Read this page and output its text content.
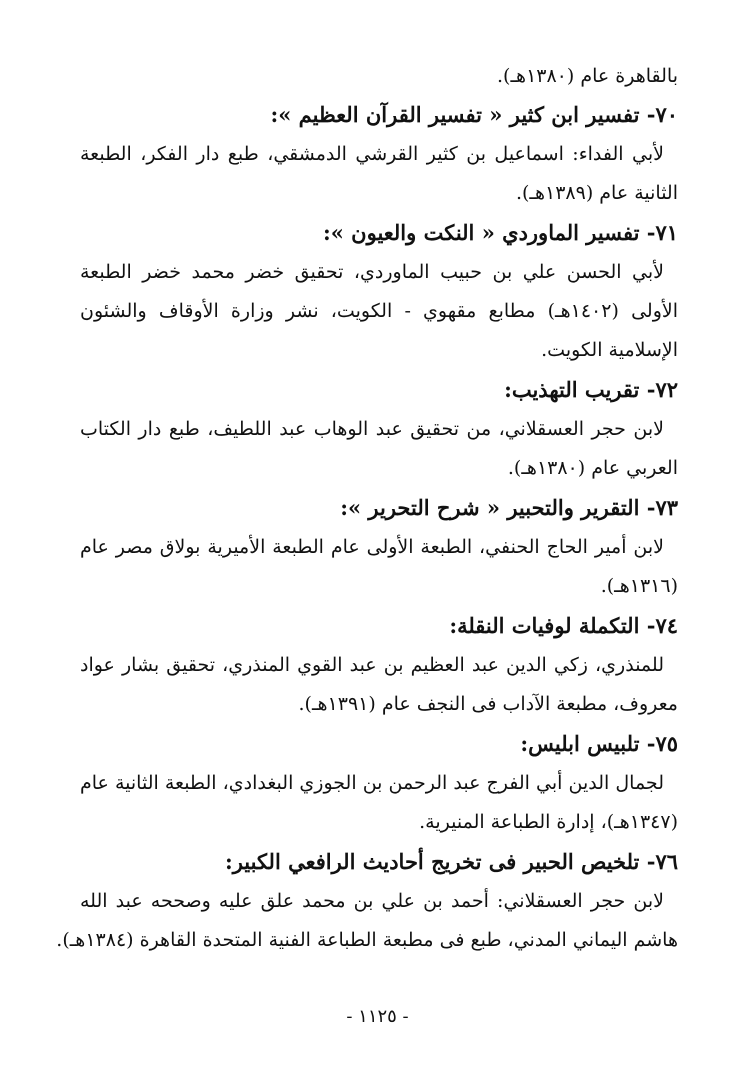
بالقاهرة عام (١٣٨٠هـ).
٧٠- تفسير ابن كثير « تفسير القرآن العظيم »:
لأبي الفداء: اسماعيل بن كثير القرشي الدمشقي، طبع دار الفكر، الطبعة
الثانية عام (١٣٨٩هـ).
٧١- تفسير الماوردي « النكت والعيون »:
لأبي الحسن علي بن حبيب الماوردي، تحقيق خضر محمد خضر الطبعة
الأولى (١٤٠٢هـ) مطابع مقهوي - الكويت، نشر وزارة الأوقاف والشئون
الإسلامية الكويت.
٧٢- تقريب التهذيب:
لابن حجر العسقلاني، من تحقيق عبد الوهاب عبد اللطيف، طبع دار الكتاب
العربي عام (١٣٨٠هـ).
٧٣- التقرير والتحبير « شرح التحرير »:
لابن أمير الحاج الحنفي، الطبعة الأولى عام الطبعة الأميرية بولاق مصر عام
(١٣١٦هـ).
٧٤- التكملة لوفيات النقلة:
للمنذري، زكي الدين عبد العظيم بن عبد القوي المنذري، تحقيق بشار عواد
معروف، مطبعة الآداب فى النجف عام (١٣٩١هـ).
٧٥- تلبيس ابليس:
لجمال الدين أبي الفرج عبد الرحمن بن الجوزي البغدادي، الطبعة الثانية عام
(١٣٤٧هـ)، إدارة الطباعة المنيرية.
٧٦- تلخيص الحبير فى تخريج أحاديث الرافعي الكبير:
لابن حجر العسقلاني: أحمد بن علي بن محمد علق عليه وصححه عبد الله
هاشم اليماني المدني، طبع فى مطبعة الطباعة الفنية المتحدة القاهرة (١٣٨٤هـ).
- ١١٢٥ -
